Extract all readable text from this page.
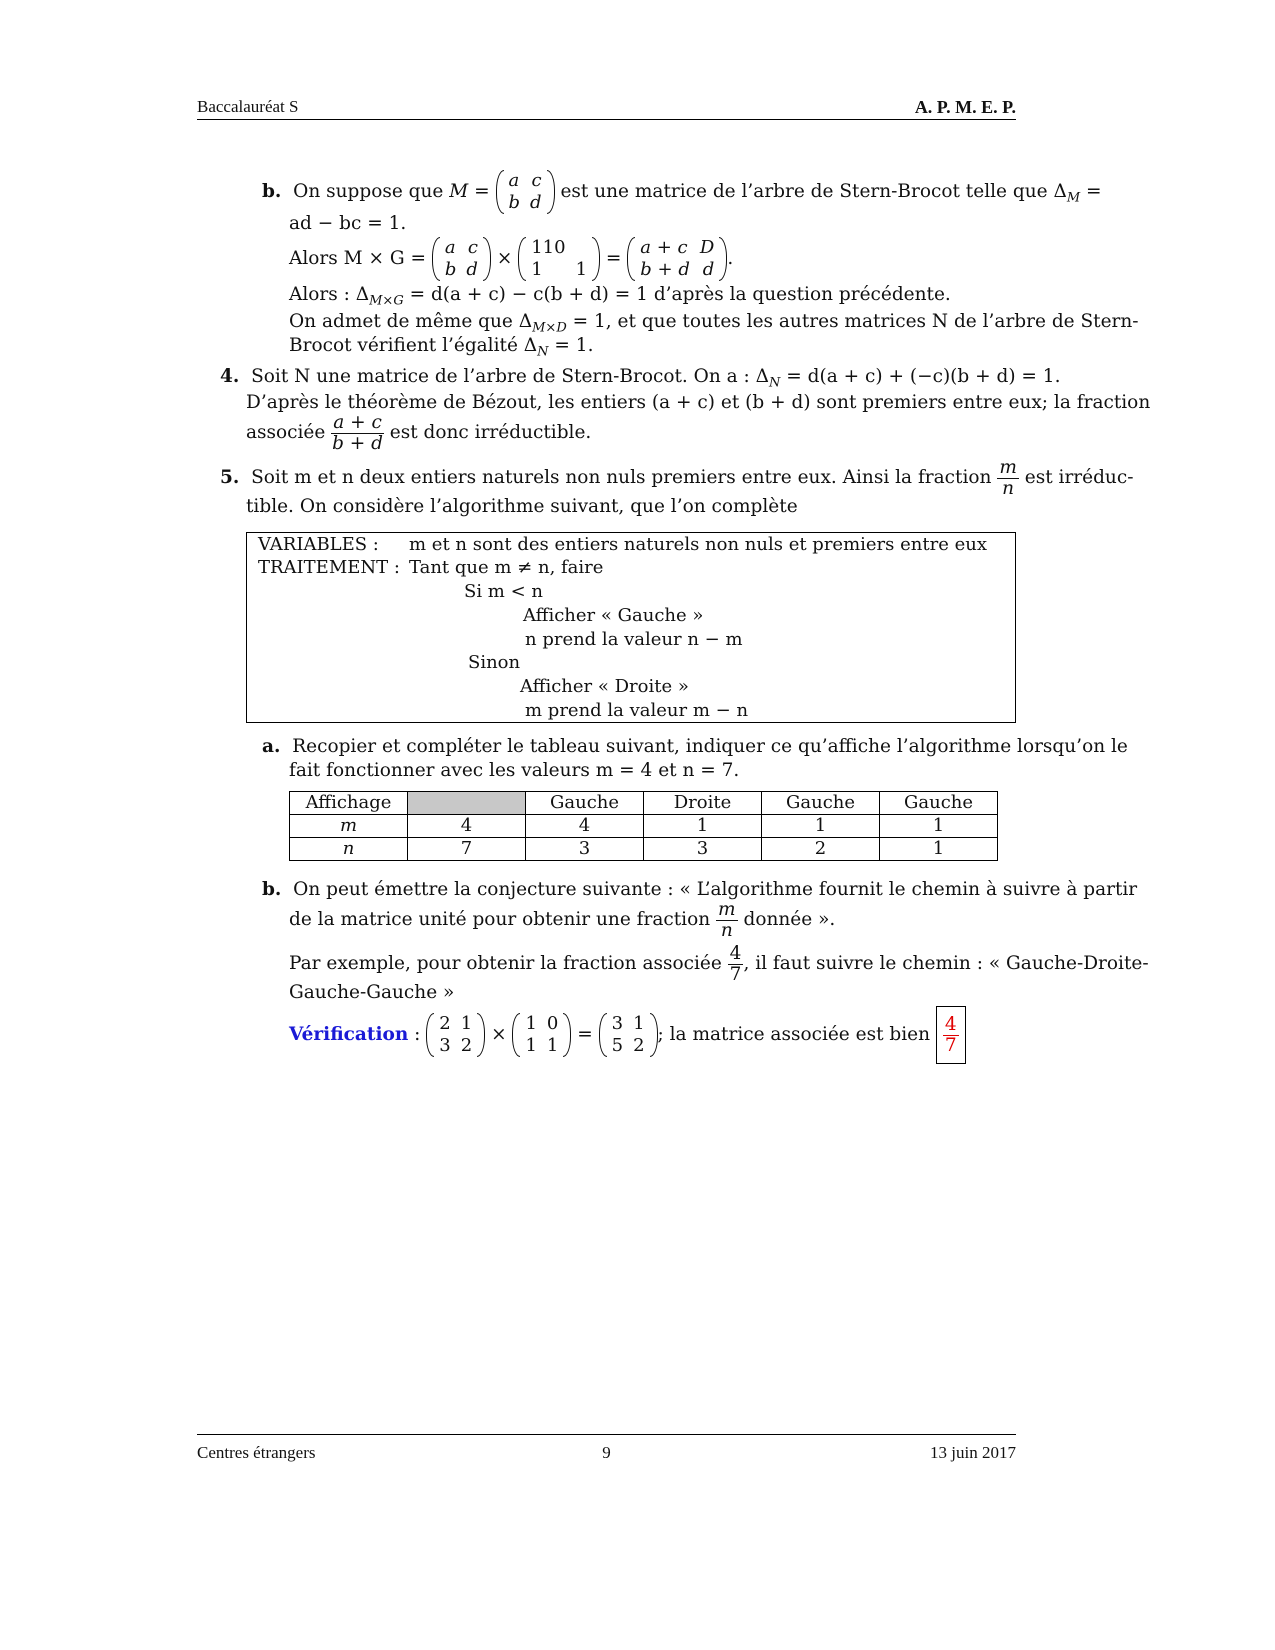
Baccalauréat S	A. P. M. E. P.
b. On suppose que M =
a	c
b	d
est une matrice de l’arbre de Stern-Brocot telle que $\Delta_M$ =
ad − bc = 1.
Alors M × G =
a	c
b	d
×
110	
1	1
=
a + c	D
b + d	d
.
Alors : $\Delta_{M\times G} = d(a + c) - c(b + d) = 1$ d’après la question précédente.
On admet de même que $\Delta_{M\times D} = 1$, et que toutes les autres matrices N de l’arbre de Stern-
Brocot vérifient l’égalité $\Delta_N = 1$.
4. Soit N une matrice de l’arbre de Stern-Brocot. On a : $\Delta_N = d(a + c) + (-c)(b + d) = 1$.
D’après le théorème de Bézout, les entiers (a + c) et (b + d) sont premiers entre eux; la fraction
associée $\frac{a + c}{b + d}$ est donc irréductible.
5. Soit m et n deux entiers naturels non nuls premiers entre eux. Ainsi la fraction $\frac{m}{n}$ est irréduc-
tible. On considère l’algorithme suivant, que l’on complète
VARIABLES : m et n sont des entiers naturels non nuls et premiers entre eux
TRAITEMENT : Tant que m ≠ n, faire
Si m < n
Afficher « Gauche »
n prend la valeur n − m
Sinon
Afficher « Droite »
m prend la valeur m − n
a. Recopier et compléter le tableau suivant, indiquer ce qu’affiche l’algorithme lorsqu’on le
fait fonctionner avec les valeurs m = 4 et n = 7.
Affichage		Gauche	Droite	Gauche	Gauche
m	4	4	1	1	1
n	7	3	3	2	1
b. On peut émettre la conjecture suivante : « L’algorithme fournit le chemin à suivre à partir
de la matrice unité pour obtenir une fraction $\frac{m}{n}$ donnée ».
Par exemple, pour obtenir la fraction associée $\frac{4}{7}$ , il faut suivre le chemin : « Gauche-Droite-
Gauche-Gauche »
Vérification :
2	1
3	2
×
1	0
1	1
=
3	1
5	2
; la matrice associée est bien $\frac{4}{7}$
Centres étrangers	9	13 juin 2017
